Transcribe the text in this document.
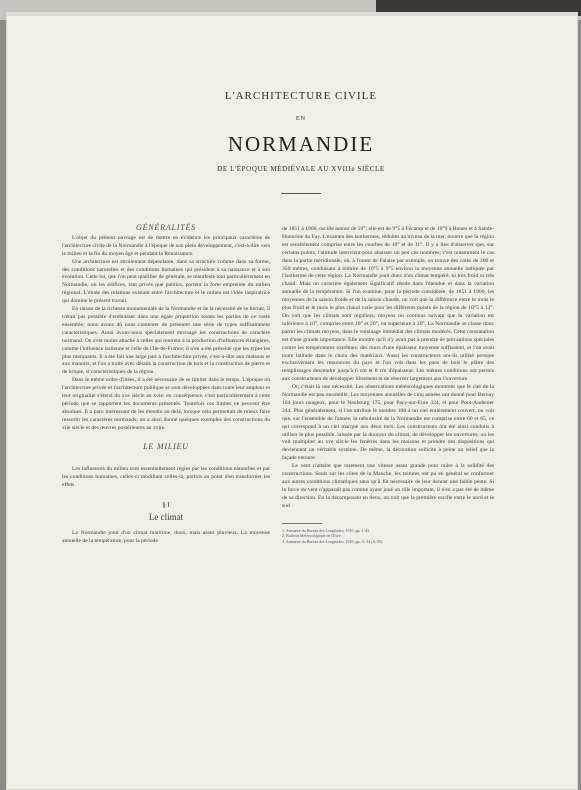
L'ARCHITECTURE CIVILE
EN
NORMANDIE
DE L'ÉPOQUE MÉDIÉVALE AU XVIIIe SIÈCLE
GÉNÉRALITÉS

L'objet du présent ouvrage est de mettre en évidence les principaux caractères de l'architecture civile de la Normandie à l'époque de son plein développement, c'est-à-dire vers le milieu et la fin du moyen âge et pendant la Renaissance.

Une architecture est étroitement dépendante, dans sa structure comme dans sa forme, des conditions naturelles et des conditions humaines qui président à sa naissance et à son évolution. Cette loi, que l'on peut qualifier de générale, se manifeste tout particulièrement en Normandie, où les édifices, tant privés que publics, portent la forte empreinte du milieu régional. L'étude des relations existant entre l'architecture et le milieu est l'idée inspiratrice qui domine le présent travail.

En raison de la richesse monumentale de la Normandie et de la nécessité de se borner, il n'était pas possible d'embrasser dans une égale proportion toutes les parties de ce vaste ensemble; nous avons dû nous contenter de présenter une série de types suffisamment caractéristiques. Aussi avons-nous spécialement envisagé les constructions de caractère normand. On s'est moins attaché à celles qui rentrent à la production d'influences étrangères, comme l'influence italienne et celle de l'Ile-de-France; il n'en a été présenté que les types les plus marquants. Il a été fait une large part à l'architecture privée, c'est-à-dire aux maisons et aux manoirs, et l'on a traité avec détails la construction de bois et la construction de pierre et de brique, si caractéristiques de la région.

Dans le même ordre d'idées, il a été nécessaire de se limiter dans le temps. L'époque où l'architecture privée et l'architecture publique se sont développées dans toute leur ampleur et leur originalité s'étend du xve siècle au xvie; en conséquence, c'est particulièrement à cette période que se rapportent les documents présentés. Toutefois ces limites ne peuvent être absolues. Il a paru intéressant de les étendre au delà, lorsque cela permettait de mieux faire ressortir les caractères normands; on a ainsi donné quelques exemples des constructions du xiie siècle et des œuvres postérieures au xviie.

LE MILIEU
·

Les influences du milieu sont essentiellement régies par les conditions naturelles et par les conditions humaines, celles-ci modifiant celles-là, parfois au point d'en transformer les effets.

§ I
Le climat

La Normandie jouit d'un climat maritime, doux, mais assez pluvieux. La moyenne annuelle de la température, pour la période

de 1851 à 1900, oscille autour de 10°; elle est de 9°5 à Fécamp et de 10°9 à Rouen et à Sainte-Honorine du Fay. L'examen des isothermes, réduites au niveau de la mer, montre que la région est sensiblement comprise entre les courbes de 10° et de 11°. Il y a lieu d'observer que, sur certains points, l'altitude intervient pour abaisser un peu ces nombres; c'est notamment le cas dans la partie méridionale, où, à l'ouest de Falaise par exemple, on trouve des cotes de 300 et 350 mètres, conduisant à réduire de 10°5 à 9°5 environ la moyenne annuelle indiquée par l'isotherme de cette région. La Normandie jouit donc d'un climat tempéré, ni très froid ni très chaud. Mais un caractère également significatif réside dans l'étendue et dans la variation annuelle de la température. Si l'on examine, pour la période considérée, de 1851 à 1900, les moyennes de la saison froide et de la saison chaude, on voit que la différence entre le mois le plus froid et le mois le plus chaud varie pour les différents points de la région de 10°5 à 13°. On voit que les climats sont réguliers, moyens ou continus suivant que la variation est inférieure à 10°, comprise entre 10° et 20°, ou supérieure à 20°. La Normandie se classe donc parmi les climats moyens, dans le voisinage immédiat des climats modérés. Cette constatation est d'une grande importance. Elle montre qu'il n'y avait pas à prendre de précautions spéciales contre les températures extrêmes; des murs d'une épaisseur moyenne suffisaient, et l'on avait toute latitude dans le choix des matériaux. Aussi les constructeurs ont-ils utilisé presque exclusivement les ressources du pays et l'on voit dans les pans de bois le plâtre des remplissages descendre jusqu'à 6 cm et 8 cm d'épaisseur. Les mêmes conditions ont permis aux constructeurs de développer librement et de réserver largement aux l'ouverture.

Or, c'était là une nécessité. Les observations météorologiques montrent que le ciel de la Normandie est peu ensoleillé. Les moyennes annuelles de cinq années ont donné pour Bernay 164 jours nuageux, pour le Neubourg 175, pour Pacy-sur-Eure 324, et pour Pont-Audemer 244. Plus généralement, si l'on attribue le nombre 100 à un ciel entièrement couvert, on voit que, sur l'ensemble de l'année, la nébulosité de la Normandie est comprise entre 60 et 65, ce qui correspond à un ciel marqué aux deux tiers. Les constructeurs ont été ainsi conduits à utiliser le plus possible, laissée par la douceur du climat, de développer les ouvertures; on les voit multiplier au xve siècle les fenêtres dans les maisons et prendre des dispositions qui deviennent un véritable système. De même, la décoration sollicite à peine un relief que la façade entoure.

Le vent n'atteint que rarement une vitesse assez grande pour nuire à la solidité des constructions. Seuls sur les côtes de la Manche, les toitures ont pu en général se conformer aux autres conditions climatiques sans qu'il fût nécessaire de leur donner une faible pente. Si la force du vent n'apparaît pas comme ayant joué un rôle important, il n'en a pas été de même de sa direction. En la décomposant en deux, on voit que la première oscille entre le nord et le sud

1. Annuaire du Bureau des Longitudes, 1910, pp. 1-43.
2. Bulletin Météorologique de l'Eure.
3. Annuaire du Bureau des Longitudes, 1910, pp. A. 34 (A-35).
